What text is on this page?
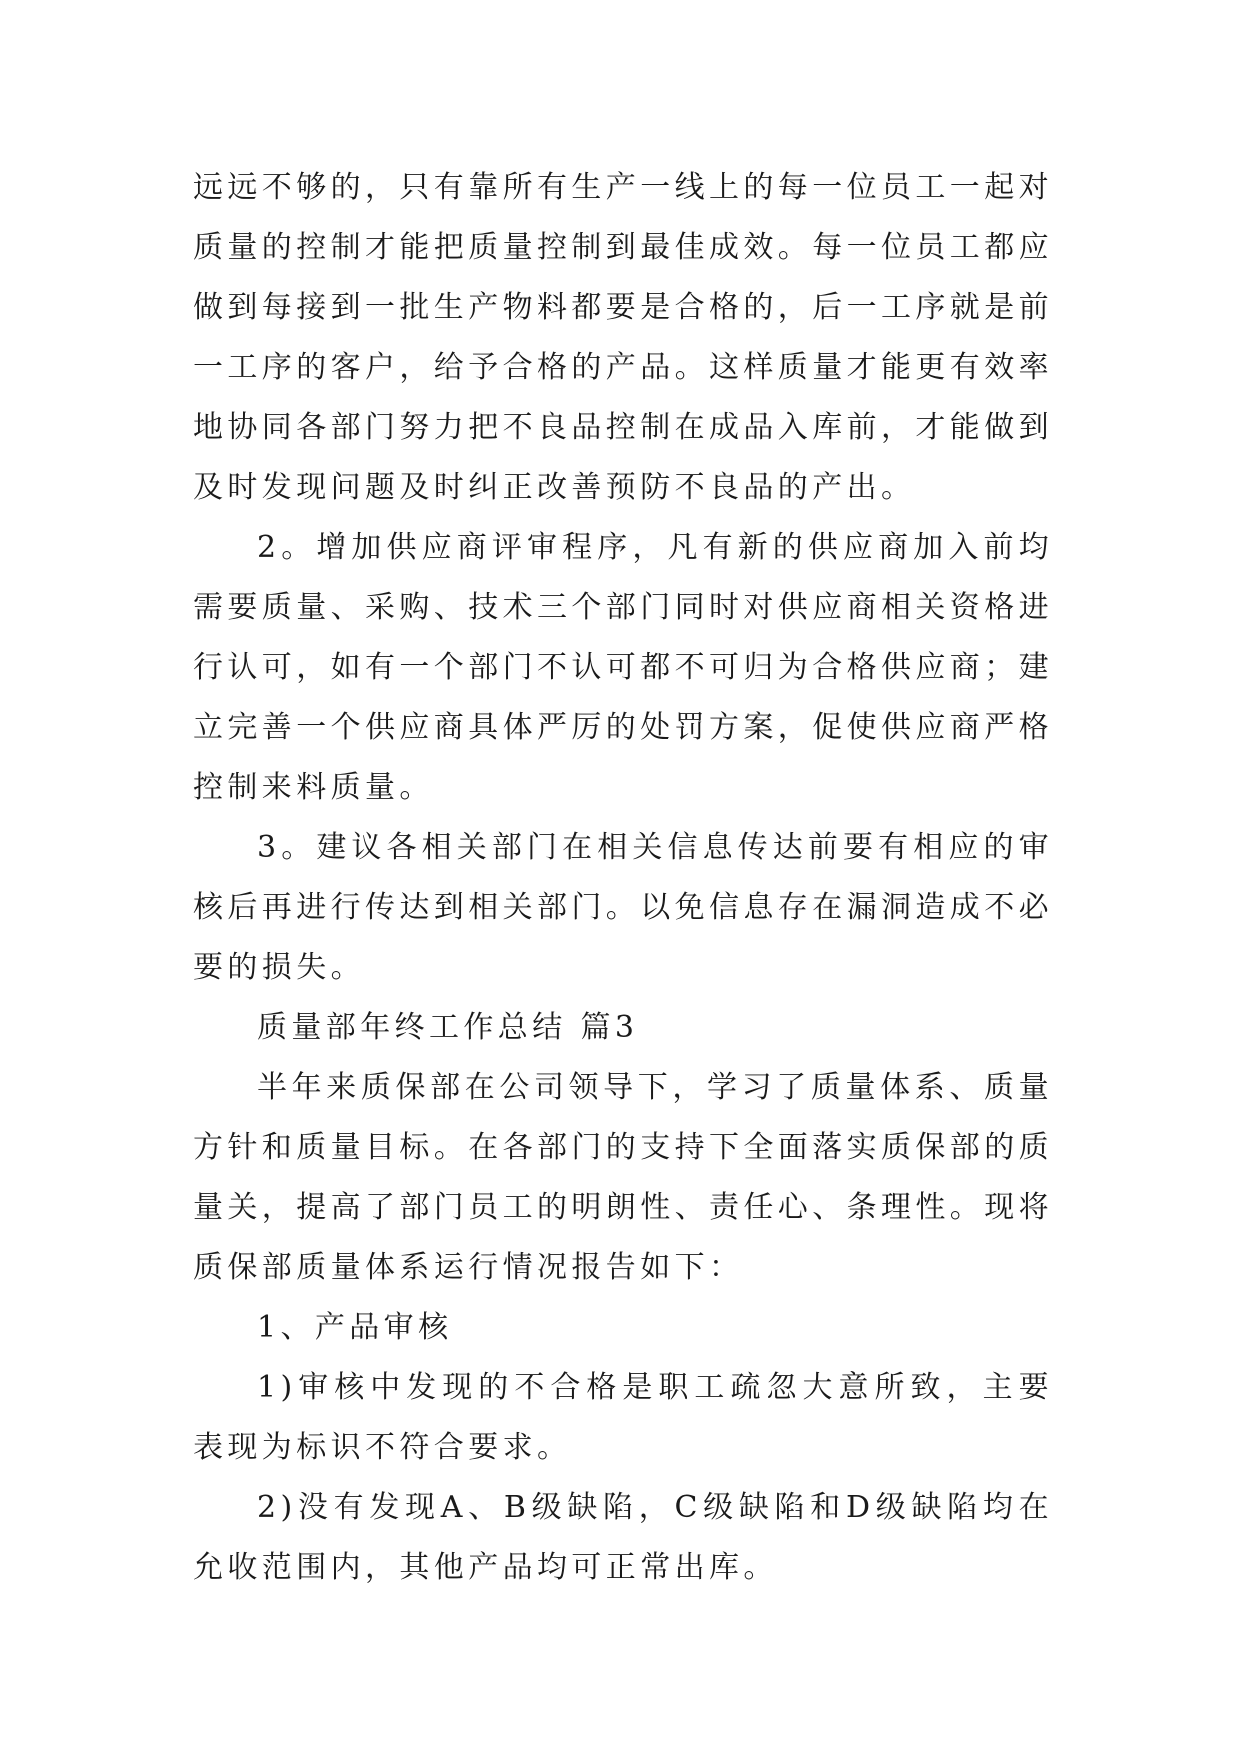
远远不够的，只有靠所有生产一线上的每一位员工一起对质量的控制才能把质量控制到最佳成效。每一位员工都应做到每接到一批生产物料都要是合格的，后一工序就是前一工序的客户，给予合格的产品。这样质量才能更有效率地协同各部门努力把不良品控制在成品入库前，才能做到及时发现问题及时纠正改善预防不良品的产出。

2。增加供应商评审程序，凡有新的供应商加入前均需要质量、采购、技术三个部门同时对供应商相关资格进行认可，如有一个部门不认可都不可归为合格供应商；建立完善一个供应商具体严厉的处罚方案，促使供应商严格控制来料质量。

3。建议各相关部门在相关信息传达前要有相应的审核后再进行传达到相关部门。以免信息存在漏洞造成不必要的损失。

质量部年终工作总结 篇3

半年来质保部在公司领导下，学习了质量体系、质量方针和质量目标。在各部门的支持下全面落实质保部的质量关，提高了部门员工的明朗性、责任心、条理性。现将质保部质量体系运行情况报告如下：

1、产品审核

1)审核中发现的不合格是职工疏忽大意所致，主要表现为标识不符合要求。

2)没有发现A、B级缺陷，C级缺陷和D级缺陷均在允收范围内，其他产品均可正常出库。
